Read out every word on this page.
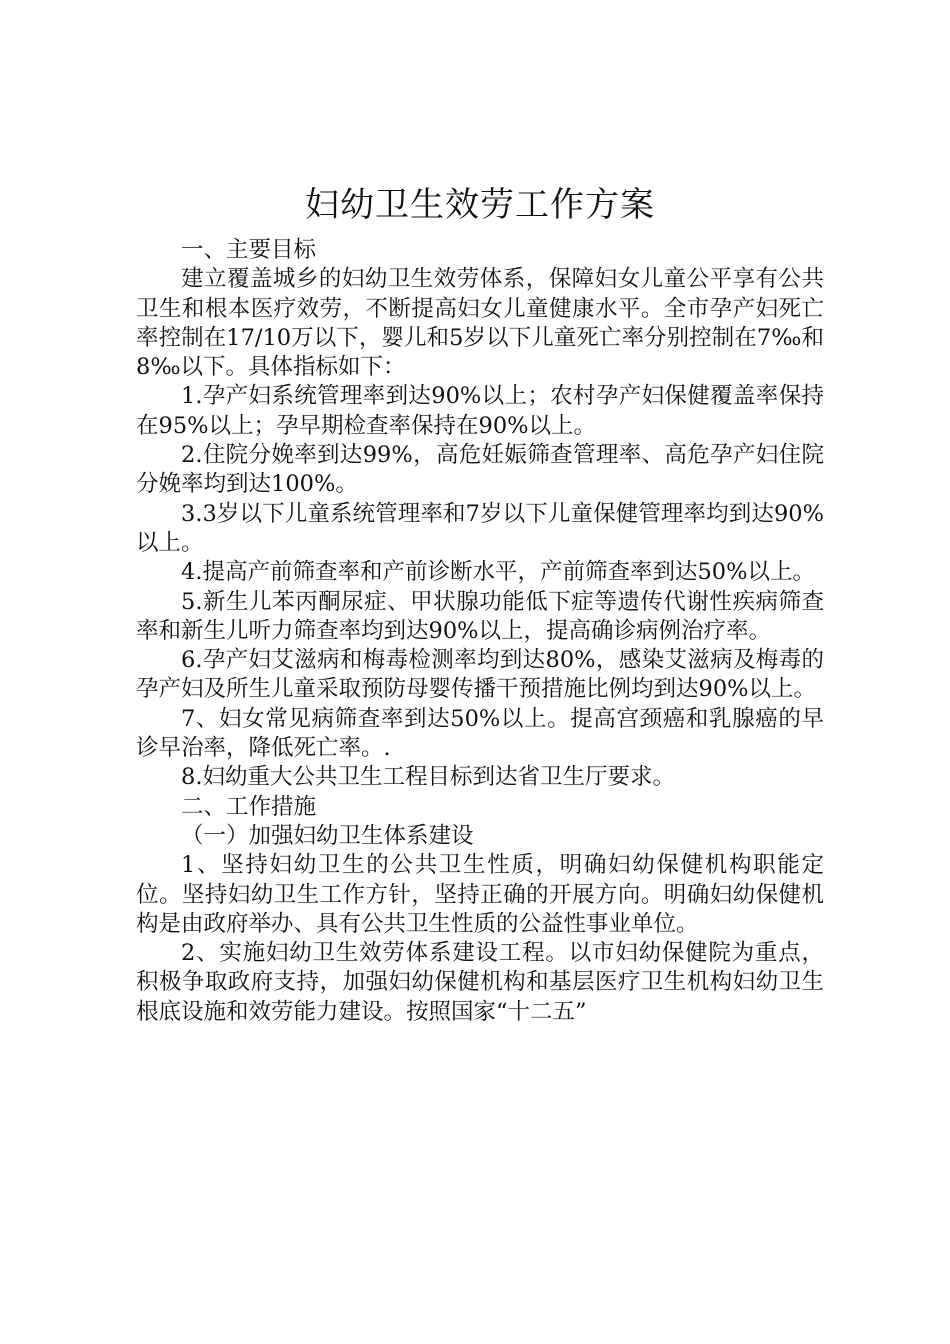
妇幼卫生效劳工作方案

一、主要目标

建立覆盖城乡的妇幼卫生效劳体系，保障妇女儿童公平享有公共卫生和根本医疗效劳，不断提高妇女儿童健康水平。全市孕产妇死亡率控制在17/10万以下，婴儿和5岁以下儿童死亡率分别控制在7‰和8‰以下。具体指标如下：

1.孕产妇系统管理率到达90%以上；农村孕产妇保健覆盖率保持在95%以上；孕早期检查率保持在90%以上。

2.住院分娩率到达99%，高危妊娠筛查管理率、高危孕产妇住院分娩率均到达100%。

3.3岁以下儿童系统管理率和7岁以下儿童保健管理率均到达90%以上。

4.提高产前筛查率和产前诊断水平，产前筛查率到达50%以上。

5.新生儿苯丙酮尿症、甲状腺功能低下症等遗传代谢性疾病筛查率和新生儿听力筛查率均到达90%以上，提高确诊病例治疗率。

6.孕产妇艾滋病和梅毒检测率均到达80%，感染艾滋病及梅毒的孕产妇及所生儿童采取预防母婴传播干预措施比例均到达90%以上。

7、妇女常见病筛查率到达50%以上。提高宫颈癌和乳腺癌的早诊早治率，降低死亡率。.

8.妇幼重大公共卫生工程目标到达省卫生厅要求。

二、工作措施

（一）加强妇幼卫生体系建设

1、坚持妇幼卫生的公共卫生性质，明确妇幼保健机构职能定位。坚持妇幼卫生工作方针，坚持正确的开展方向。明确妇幼保健机构是由政府举办、具有公共卫生性质的公益性事业单位。

2、实施妇幼卫生效劳体系建设工程。以市妇幼保健院为重点，积极争取政府支持，加强妇幼保健机构和基层医疗卫生机构妇幼卫生根底设施和效劳能力建设。按照国家“十二五”
